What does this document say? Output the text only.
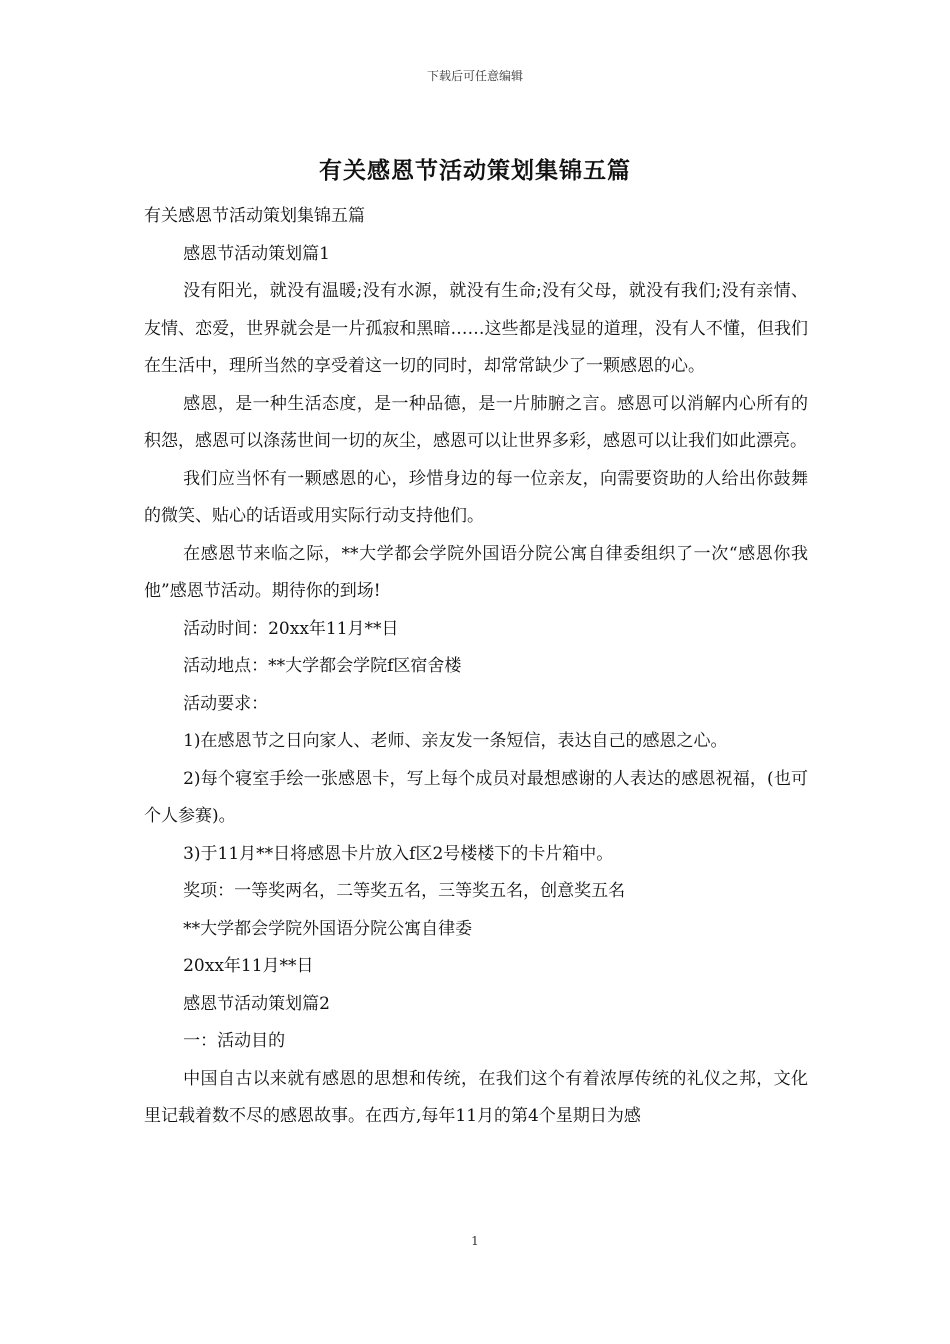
下载后可任意编辑
有关感恩节活动策划集锦五篇

有关感恩节活动策划集锦五篇

感恩节活动策划篇1

没有阳光，就没有温暖;没有水源，就没有生命;没有父母，就没有我们;没有亲情、友情、恋爱，世界就会是一片孤寂和黑暗……这些都是浅显的道理，没有人不懂，但我们在生活中，理所当然的享受着这一切的同时，却常常缺少了一颗感恩的心。

感恩，是一种生活态度，是一种品德，是一片肺腑之言。感恩可以消解内心所有的积怨，感恩可以涤荡世间一切的灰尘，感恩可以让世界多彩，感恩可以让我们如此漂亮。

我们应当怀有一颗感恩的心，珍惜身边的每一位亲友，向需要资助的人给出你鼓舞的微笑、贴心的话语或用实际行动支持他们。

在感恩节来临之际，**大学都会学院外国语分院公寓自律委组织了一次“感恩你我他”感恩节活动。期待你的到场!

活动时间：20xx年11月**日

活动地点：**大学都会学院f区宿舍楼

活动要求：

1)在感恩节之日向家人、老师、亲友发一条短信，表达自己的感恩之心。

2)每个寝室手绘一张感恩卡，写上每个成员对最想感谢的人表达的感恩祝福，(也可个人参赛)。

3)于11月**日将感恩卡片放入f区2号楼楼下的卡片箱中。

奖项：一等奖两名，二等奖五名，三等奖五名，创意奖五名

**大学都会学院外国语分院公寓自律委

20xx年11月**日

感恩节活动策划篇2

一：活动目的

中国自古以来就有感恩的思想和传统，在我们这个有着浓厚传统的礼仪之邦，文化里记载着数不尽的感恩故事。在西方,每年11月的第4个星期日为感

1
